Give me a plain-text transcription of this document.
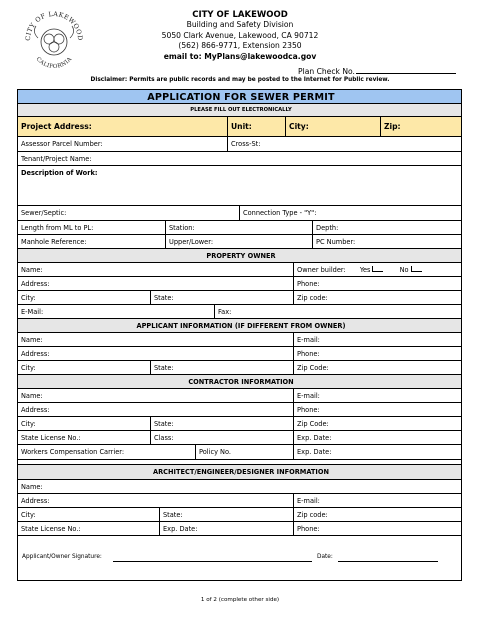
CITY OF LAKEWOOD
CALIFORNIA
CITY OF LAKEWOOD
Building and Safety Division
5050 Clark Avenue, Lakewood, CA 90712
(562) 866-9771, Extension 2350
email to: MyPlans@lakewoodca.gov
Plan Check No.
Disclaimer: Permits are public records and may be posted to the Internet for Public review.
APPLICATION FOR SEWER PERMIT
PLEASE FILL OUT ELECTRONICALLY
Project Address:	Unit:	City:	Zip:
Assessor Parcel Number:	Cross-St:
Tenant/Project Name:
Description of Work:
Sewer/Septic:	Connection Type - "Y":
Length from ML to PL:	Station:	Depth:
Manhole Reference:	Upper/Lower:	PC Number:
PROPERTY OWNER
Name:	Owner builder: Yes	No
Address:	Phone:
City:	State:	Zip code:
E-Mail:	Fax:
APPLICANT INFORMATION (IF DIFFERENT FROM OWNER)
Name:	E-mail:
Address:	Phone:
City:	State:	Zip Code:
CONTRACTOR INFORMATION
Name:	E-mail:
Address:	Phone:
City:	State:	Zip Code:
State License No.:	Class:	Exp. Date:
Workers Compensation Carrier:	Policy No.	Exp. Date:
ARCHITECT/ENGINEER/DESIGNER INFORMATION
Name:
Address:	E-mail:
City:	State:	Zip code:
State License No.:	Exp. Date:	Phone:
Applicant/Owner Signature:	Date:
1 of 2 (complete other side)
